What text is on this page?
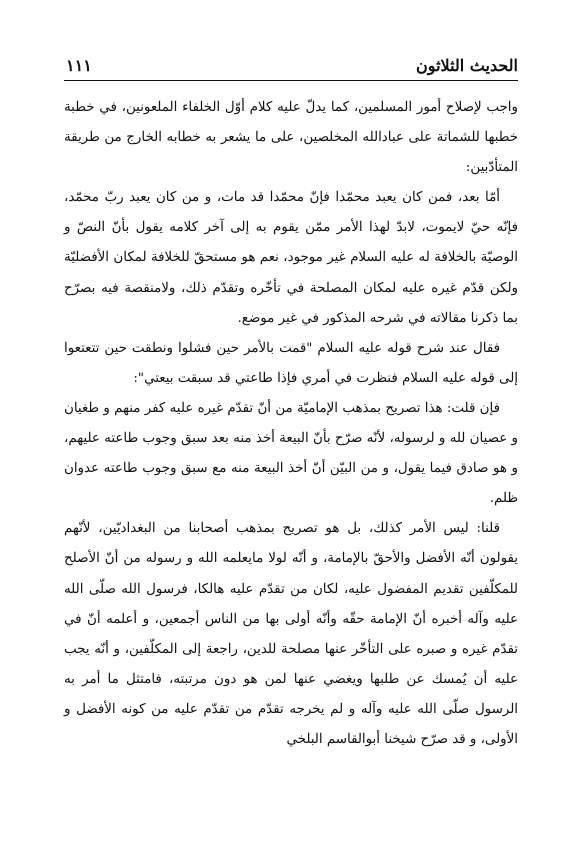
الحديث الثلاثون
١١١

واجب لإصلاح أمور المسلمين، كما يدلّ عليه كلام أوّل الخلفاء الملعونين، في خطبة خطبها للشماتة على عبادالله المخلصين، على ما يشعر به خطابه الخارج من طريقة المتأدّبين:

أمّا بعد، فمن كان يعبد محمّدا فإنّ محمّدا قد مات، و من كان يعبد ربّ محمّد، فإنّه حيّ لايموت، لابدّ لهذا الأمر ممّن يقوم به إلى آخر كلامه يقول بأنّ النصّ و الوصيّة بالخلافة له عليه السلام غير موجود، نعم هو مستحقّ للخلافة لمكان الأفضليّة ولكن قدّم غيره عليه لمكان المصلحة في تأخّره وتقدّم ذلك، ولامنقصة فيه بصرّح بما ذكرنا مقالاته في شرحه المذكور في غير موضع.

فقال عند شرح قوله عليه السلام "قمت بالأمر حين فشلوا ونطقت حين تتعتعوا إلى قوله عليه السلام فنظرت في أمري فإذا طاعتي قد سبقت بيعتي":

فإن قلت: هذا تصريح بمذهب الإماميّة من أنّ تقدّم غيره عليه كفر منهم و طغيان و عصيان لله و لرسوله، لأنّه صرّح بأنّ البيعة أخذ منه بعد سبق وجوب طاعته عليهم، و هو صادق فيما يقول، و من البيّن أنّ أخذ البيعة منه مع سبق وجوب طاعته عدوان ظلم.

قلنا: ليس الأمر كذلك، بل هو تصريح بمذهب أصحابنا من البغداديّين، لأنّهم يقولون أنّه الأفضل والأحقّ بالإمامة، و أنّه لولا مايعلمه الله و رسوله من أنّ الأصلح للمكلّفين تقديم المفضول عليه، لكان من تقدّم عليه هالكا، فرسول الله صلّى الله عليه وآله أخبره أنّ الإمامة حقّه وأنّه أولى بها من الناس أجمعين، و أعلمه أنّ في تقدّم غيره و صبره على التأخّر عنها مصلحة للدين، راجعة إلى المكلّفين، و أنّه يجب عليه أن يُمسك عن طلبها ويغضي عنها لمن هو دون مرتبته، فامتثل ما أمر به الرسول صلّى الله عليه وآله و لم يخرجه تقدّم من تقدّم عليه من كونه الأفضل و الأولى، و قد صرّح شيخنا أبوالقاسم البلخي
